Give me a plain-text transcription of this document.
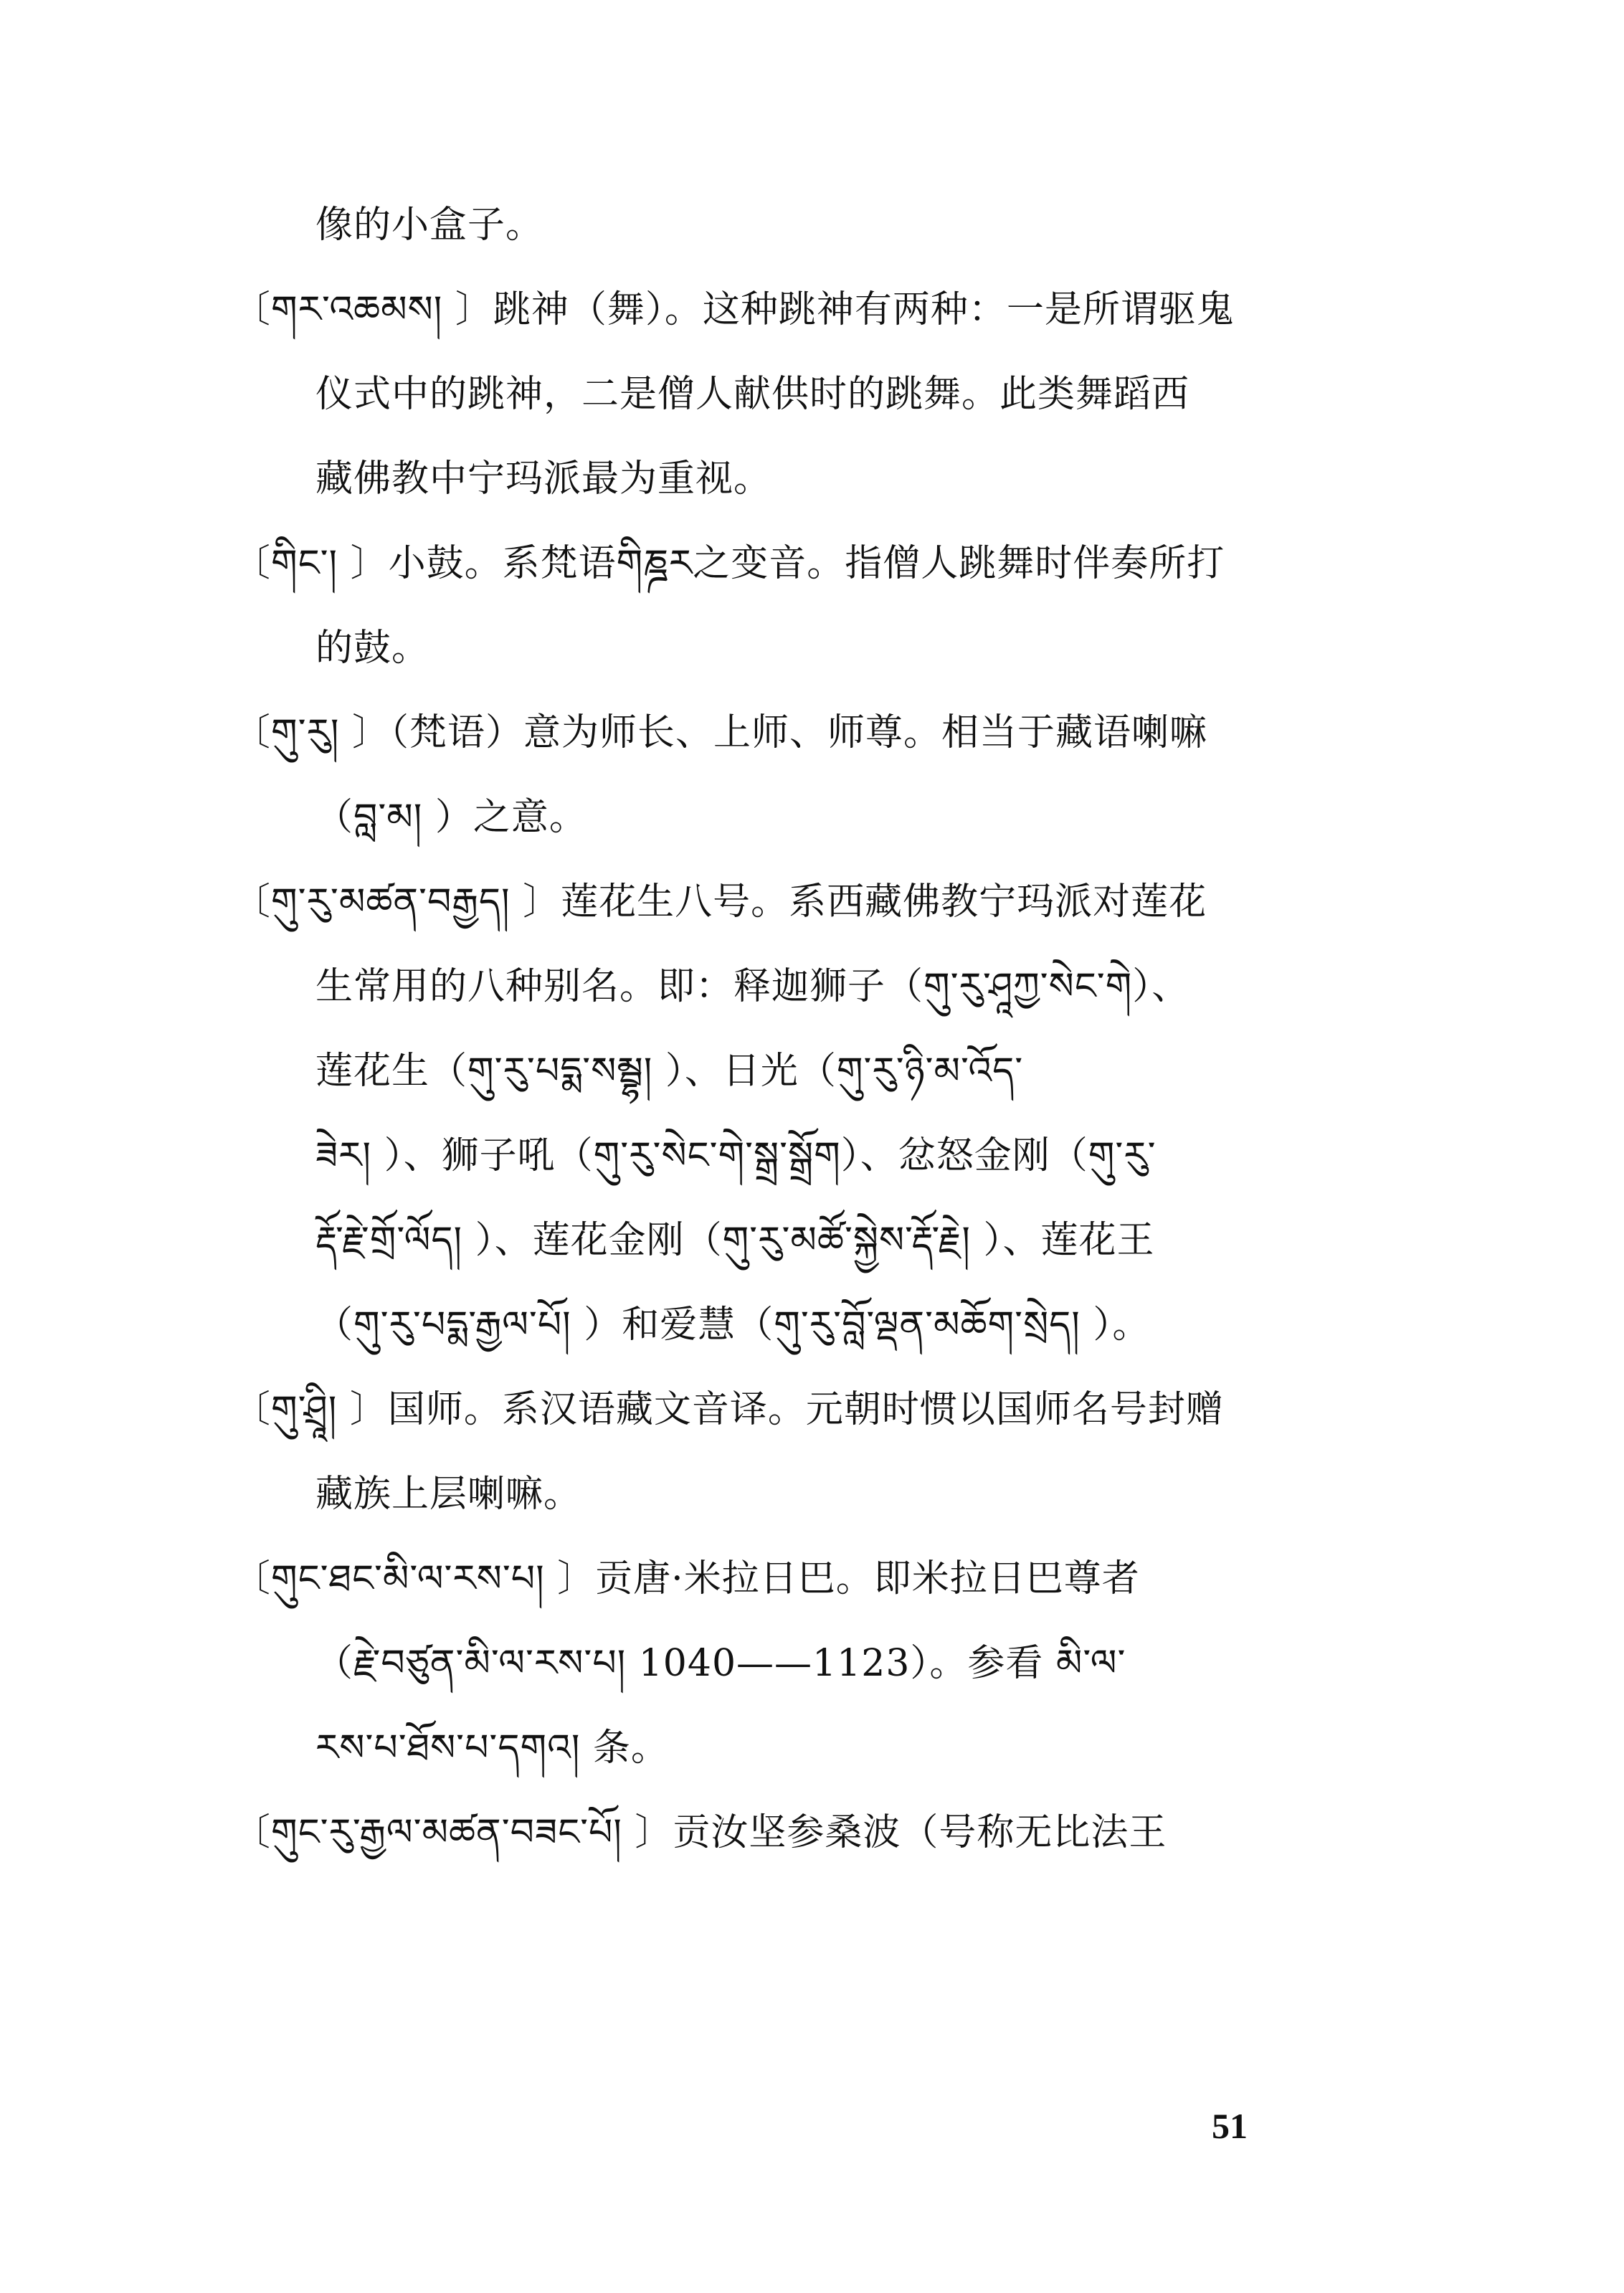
像的小盒子。
〔གར་འཆམས། 〕跳神（舞）。这种跳神有两种：一是所谓驱鬼
仪式中的跳神，二是僧人献供时的跳舞。此类舞蹈西
藏佛教中宁玛派最为重视。
〔གིང་། 〕小鼓。系梵语གིཎྜར之变音。指僧人跳舞时伴奏所打
的鼓。
〔གུ་རུ། 〕（梵语）意为师长、上师、师尊。相当于藏语喇嘛
（བླ་མ། ）之意。
〔གུ་རུ་མཚན་བརྒྱད། 〕莲花生八号。系西藏佛教宁玛派对莲花
生常用的八种别名。即：释迦狮子（གུ་རུ་ཤཱཀྱ་སེང་གེ）、
莲花生（གུ་རུ་པདྨ་སམྦྷ། ）、日光（གུ་རུ་ཉི་མ་འོད་
ཟེར། ）、狮子吼（གུ་རུ་སེང་གེ་སྒྲ་སྒྲོག）、忿怒金刚（གུ་རུ་
རྡོ་རྗེ་གྲོ་ལོད། ）、莲花金刚（གུ་རུ་མཚོ་སྐྱེས་རྡོ་རྗེ། ）、莲花王
（གུ་རུ་པདྨ་རྒྱལ་པོ། ）和爱慧（གུ་རུ་བློ་ལྡན་མཆོག་སྲེད། ）。
〔གུ་ཤྲཱི། 〕国师。系汉语藏文音译。元朝时惯以国师名号封赠
藏族上层喇嘛。
〔གུང་ཐང་མི་ལ་རས་པ། 〕贡唐·米拉日巴。即米拉日巴尊者
（རྗེ་བཙུན་མི་ལ་རས་པ། 1040——1123）。参看 མི་ལ་
རས་པ་ཐོས་པ་དགའ། 条。
〔གུང་རུ་རྒྱལ་མཚན་བཟང་པོ། 〕贡汝坚参桑波（号称无比法王
51
